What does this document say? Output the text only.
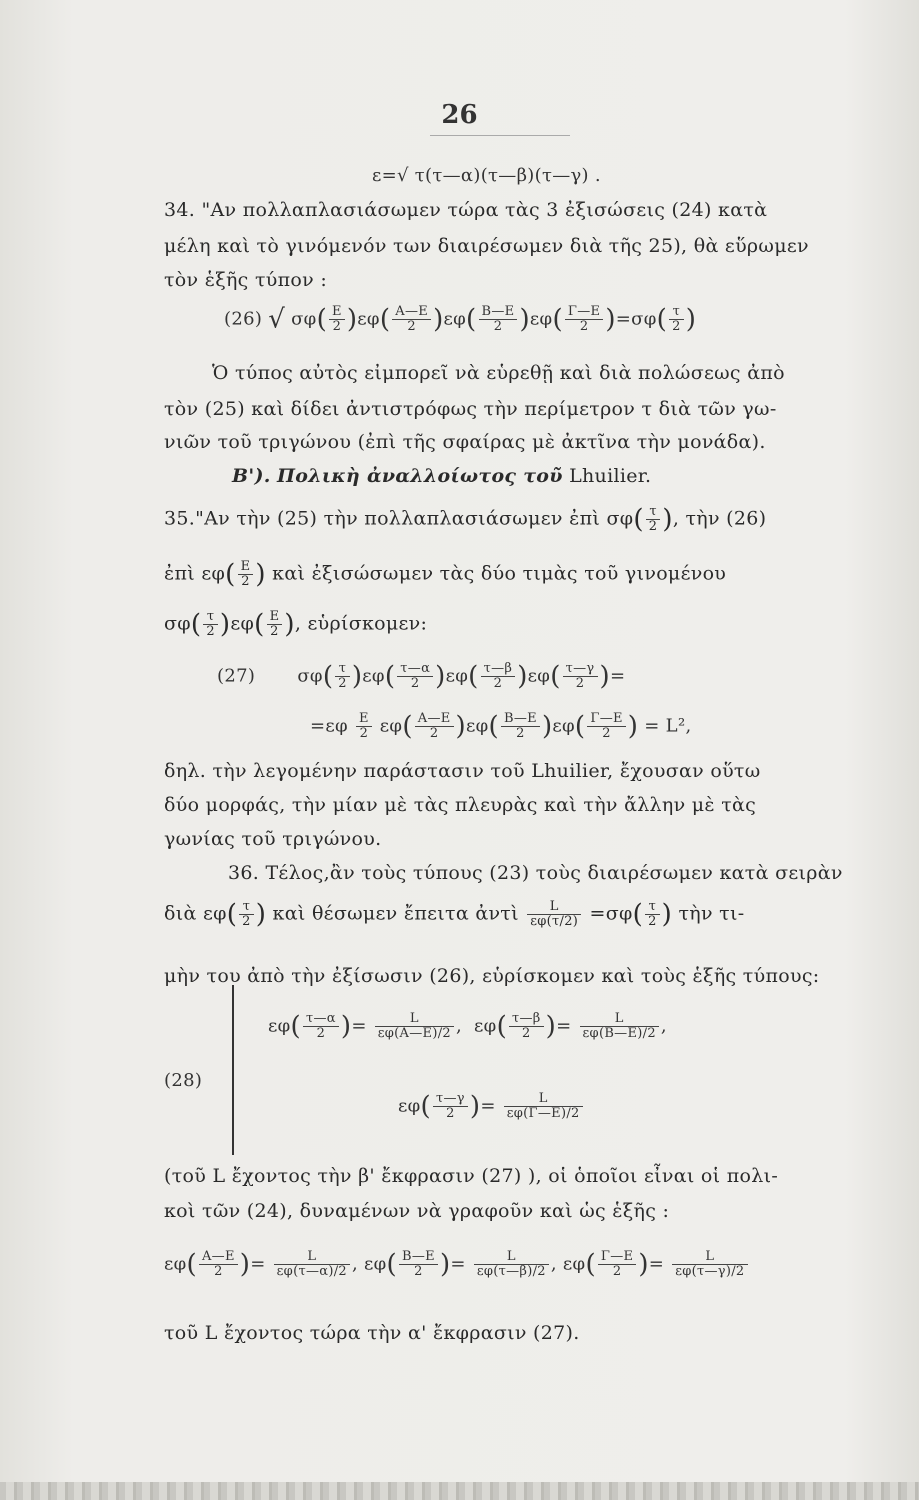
26
ε=√ τ(τ—α)(τ—β)(τ—γ) .
34. "Αν πολλαπλασιάσωμεν τώρα τὰς 3 ἐξισώσεις (24) κατὰ
μέλη καὶ τὸ γινόμενόν των διαιρέσωμεν διὰ τῆς 25), θὰ εὕρωμεν
τὸν ἑξῆς τύπον :
(26) √ $\sigma\varphi( \frac{E}{2} )\varepsilon\varphi( \frac{A—E}{2} )\varepsilon\varphi( \frac{B—E}{2} )\varepsilon\varphi( \frac{\Gamma—E}{2} )=\sigma\varphi( \frac{\tau}{2}$ )
Ὁ τύπος αὐτὸς εἰμπορεῖ νὰ εὑρεθῇ καὶ διὰ πολώσεως ἀπὸ
τὸν (25) καὶ δίδει ἀντιστρόφως τὴν περίμετρον τ διὰ τῶν γω-
νιῶν τοῦ τριγώνου (ἐπὶ τῆς σφαίρας μὲ ἀκτῖνα τὴν μονάδα).
Β'). Πολικὴ ἀναλλοίωτος τοῦ Lhuilier.
35."Αν τὴν (25) τὴν πολλαπλασιάσωμεν ἐπὶ $\sigma\varphi( \frac{\tau}{2}$ ), τὴν (26)
ἐπὶ $\varepsilon\varphi( \frac{E}{2}$ ) καὶ ἐξισώσωμεν τὰς δύο τιμὰς τοῦ γινομένου
$\sigma\varphi( \frac{\tau}{2} )\varepsilon\varphi( \frac{E}{2}$ ), εὑρίσκομεν:
(27) $\sigma\varphi( \frac{\tau}{2} )\varepsilon\varphi( \frac{\tau—\alpha}{2} )\varepsilon\varphi( \frac{\tau—\beta}{2} )\varepsilon\varphi( \frac{\tau—\gamma}{2}$ )=
$=\varepsilon\varphi \frac{E}{2} \varepsilon\varphi( \frac{A—E}{2} )\varepsilon\varphi( \frac{B—E}{2} )\varepsilon\varphi( \frac{\Gamma—E}{2}$ ) = L²,
δηλ. τὴν λεγομένην παράστασιν τοῦ Lhuilier, ἔχουσαν οὕτω
δύο μορφάς, τὴν μίαν μὲ τὰς πλευρὰς καὶ τὴν ἄλλην μὲ τὰς
γωνίας τοῦ τριγώνου.
36. Τέλος,ἂν τοὺς τύπους (23) τοὺς διαιρέσωμεν κατὰ σειρὰν
διὰ $\varepsilon\varphi( \frac{\tau}{2}$ ) καὶ θέσωμεν ἔπειτα ἀντὶ $\frac{L}{\varepsilon\varphi(\tau/2)} =\sigma\varphi( \frac{\tau}{2}$ ) τὴν τι-
μὴν του ἀπὸ τὴν ἐξίσωσιν (26), εὑρίσκομεν καὶ τοὺς ἑξῆς τύπους:
(28)
$\varepsilon\varphi( \frac{\tau—\alpha}{2}$ )= $\frac{L}{\varepsilon\varphi(A—E)/2}$ ,  $\varepsilon\varphi( \frac{\tau—\beta}{2}$ )= $\frac{L}{\varepsilon\varphi(B—E)/2}$ ,
$\varepsilon\varphi( \frac{\tau—\gamma}{2}$ )= $\frac{L}{\varepsilon\varphi(\Gamma—E)/2}$
(τοῦ L ἔχοντος τὴν β' ἔκφρασιν (27) ), οἱ ὁποῖοι εἶναι οἱ πολι-
κοὶ τῶν (24), δυναμένων νὰ γραφοῦν καὶ ὡς ἑξῆς :
$\varepsilon\varphi( \frac{A—E}{2}$ )= $\frac{L}{\varepsilon\varphi(\tau—\alpha)/2}$ , $\varepsilon\varphi( \frac{B—E}{2}$ )= $\frac{L}{\varepsilon\varphi(\tau—\beta)/2}$ , $\varepsilon\varphi( \frac{\Gamma—E}{2}$ )= $\frac{L}{\varepsilon\varphi(\tau—\gamma)/2}$
τοῦ L ἔχοντος τώρα τὴν α' ἔκφρασιν (27).
